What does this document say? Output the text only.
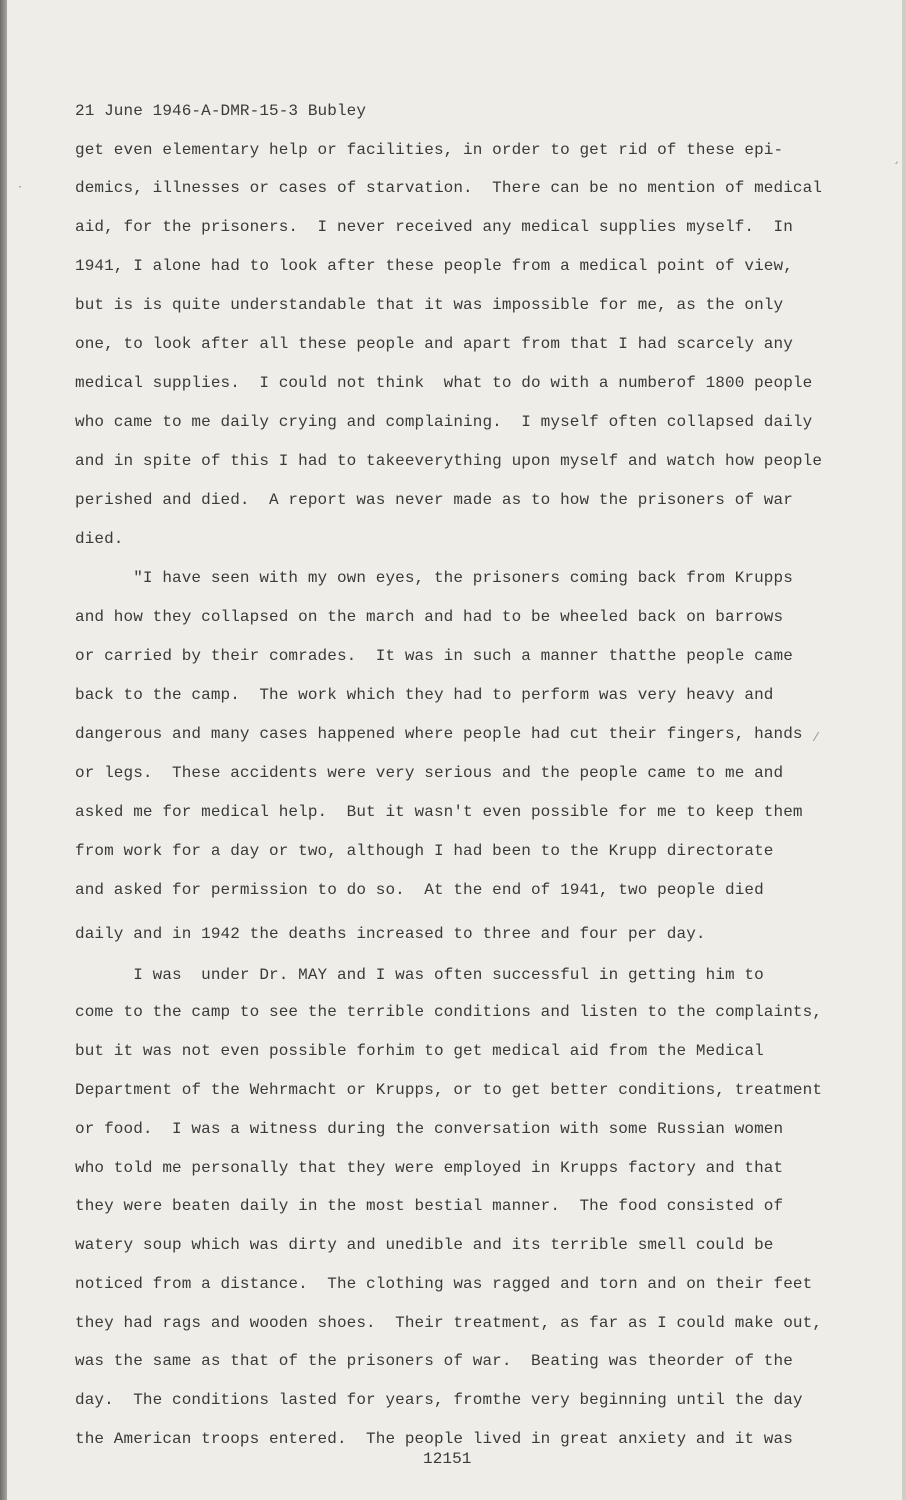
·
ˏ
⁄
21 June 1946-A-DMR-15-3 Bubley
get even elementary help or facilities, in order to get rid of these epi-
demics, illnesses or cases of starvation.  There can be no mention of medical
aid, for the prisoners.  I never received any medical supplies myself.  In
1941, I alone had to look after these people from a medical point of view,
but is is quite understandable that it was impossible for me, as the only
one, to look after all these people and apart from that I had scarcely any
medical supplies.  I could not think  what to do with a numberof 1800 people
who came to me daily crying and complaining.  I myself often collapsed daily
and in spite of this I had to takeeverything upon myself and watch how people
perished and died.  A report was never made as to how the prisoners of war
died.
"I have seen with my own eyes, the prisoners coming back from Krupps
and how they collapsed on the march and had to be wheeled back on barrows
or carried by their comrades.  It was in such a manner thatthe people came
back to the camp.  The work which they had to perform was very heavy and
dangerous and many cases happened where people had cut their fingers, hands
or legs.  These accidents were very serious and the people came to me and
asked me for medical help.  But it wasn't even possible for me to keep them
from work for a day or two, although I had been to the Krupp directorate
and asked for permission to do so.  At the end of 1941, two people died
daily and in 1942 the deaths increased to three and four per day.
I was  under Dr. MAY and I was often successful in getting him to
come to the camp to see the terrible conditions and listen to the complaints,
but it was not even possible forhim to get medical aid from the Medical
Department of the Wehrmacht or Krupps, or to get better conditions, treatment
or food.  I was a witness during the conversation with some Russian women
who told me personally that they were employed in Krupps factory and that
they were beaten daily in the most bestial manner.  The food consisted of
watery soup which was dirty and unedible and its terrible smell could be
noticed from a distance.  The clothing was ragged and torn and on their feet
they had rags and wooden shoes.  Their treatment, as far as I could make out,
was the same as that of the prisoners of war.  Beating was theorder of the
day.  The conditions lasted for years, fromthe very beginning until the day
the American troops entered.  The people lived in great anxiety and it was
12151
